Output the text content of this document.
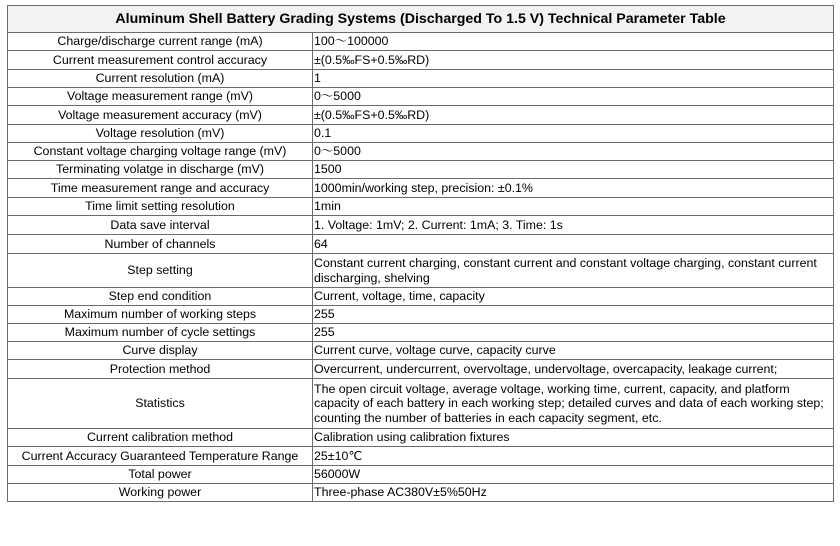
Aluminum Shell Battery Grading Systems (Discharged To 1.5 V) Technical Parameter Table	
Charge/discharge current range (mA)	100～100000
Current measurement control accuracy	±(0.5‰FS+0.5‰RD)
Current resolution (mA)	1
Voltage measurement range (mV)	0～5000
Voltage measurement accuracy (mV)	±(0.5‰FS+0.5‰RD)
Voltage resolution (mV)	0.1
Constant voltage charging voltage range (mV)	0～5000
Terminating volatge in discharge (mV)	1500
Time measurement range and accuracy	1000min/working step, precision: ±0.1%
Time limit setting resolution	1min
Data save interval	1. Voltage: 1mV; 2. Current: 1mA; 3. Time: 1s
Number of channels	64
Step setting	Constant current charging, constant current and constant voltage charging, constant current discharging, shelving
Step end condition	Current, voltage, time, capacity
Maximum number of working steps	255
Maximum number of cycle settings	255
Curve display	Current curve, voltage curve, capacity curve
Protection method	Overcurrent, undercurrent, overvoltage, undervoltage, overcapacity, leakage current;
Statistics	The open circuit voltage, average voltage, working time, current, capacity, and platform capacity of each battery in each working step; detailed curves and data of each working step; counting the number of batteries in each capacity segment, etc.
Current calibration method	Calibration using calibration fixtures
Current Accuracy Guaranteed Temperature Range	25±10℃
Total power	56000W
Working power	Three-phase AC380V±5%50Hz
